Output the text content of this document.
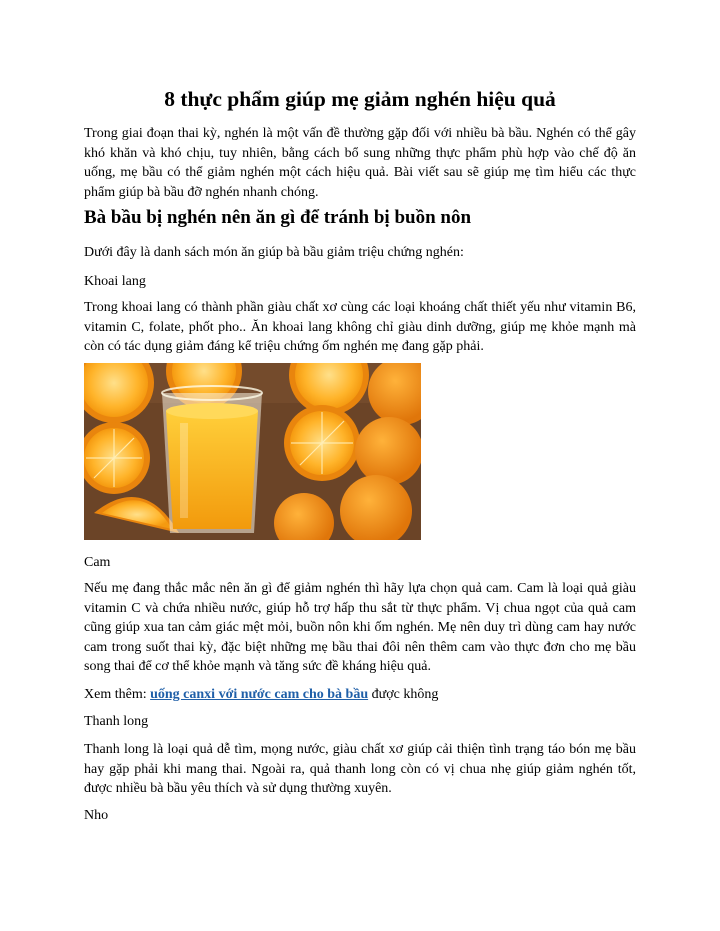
8 thực phẩm giúp mẹ giảm nghén hiệu quả

Trong giai đoạn thai kỳ, nghén là một vấn đề thường gặp đối với nhiều bà bầu. Nghén có thể gây khó khăn và khó chịu, tuy nhiên, bằng cách bổ sung những thực phẩm phù hợp vào chế độ ăn uống, mẹ bầu có thể giảm nghén một cách hiệu quả. Bài viết sau sẽ giúp mẹ tìm hiểu các thực phẩm giúp bà bầu đỡ nghén nhanh chóng.

Bà bầu bị nghén nên ăn gì để tránh bị buồn nôn

Dưới đây là danh sách món ăn giúp bà bầu giảm triệu chứng nghén:

Khoai lang

Trong khoai lang có thành phần giàu chất xơ cùng các loại khoáng chất thiết yếu như vitamin B6, vitamin C, folate, phốt pho.. Ăn khoai lang không chỉ giàu dinh dưỡng, giúp mẹ khỏe mạnh mà còn có tác dụng giảm đáng kể triệu chứng ốm nghén mẹ đang gặp phải.

Cam

Nếu mẹ đang thắc mắc nên ăn gì để giảm nghén thì hãy lựa chọn quả cam. Cam là loại quả giàu vitamin C và chứa nhiều nước, giúp hỗ trợ hấp thu sắt từ thực phẩm. Vị chua ngọt của quả cam cũng giúp xua tan cảm giác mệt mỏi, buồn nôn khi ốm nghén. Mẹ nên duy trì dùng cam hay nước cam trong suốt thai kỳ, đặc biệt những mẹ bầu thai đôi nên thêm cam vào thực đơn cho mẹ bầu song thai để cơ thể khỏe mạnh và tăng sức đề kháng hiệu quả.

Xem thêm: uống canxi với nước cam cho bà bầu được không

Thanh long

Thanh long là loại quả dễ tìm, mọng nước, giàu chất xơ giúp cải thiện tình trạng táo bón mẹ bầu hay gặp phải khi mang thai. Ngoài ra, quả thanh long còn có vị chua nhẹ giúp giảm nghén tốt, được nhiều bà bầu yêu thích và sử dụng thường xuyên.

Nho
